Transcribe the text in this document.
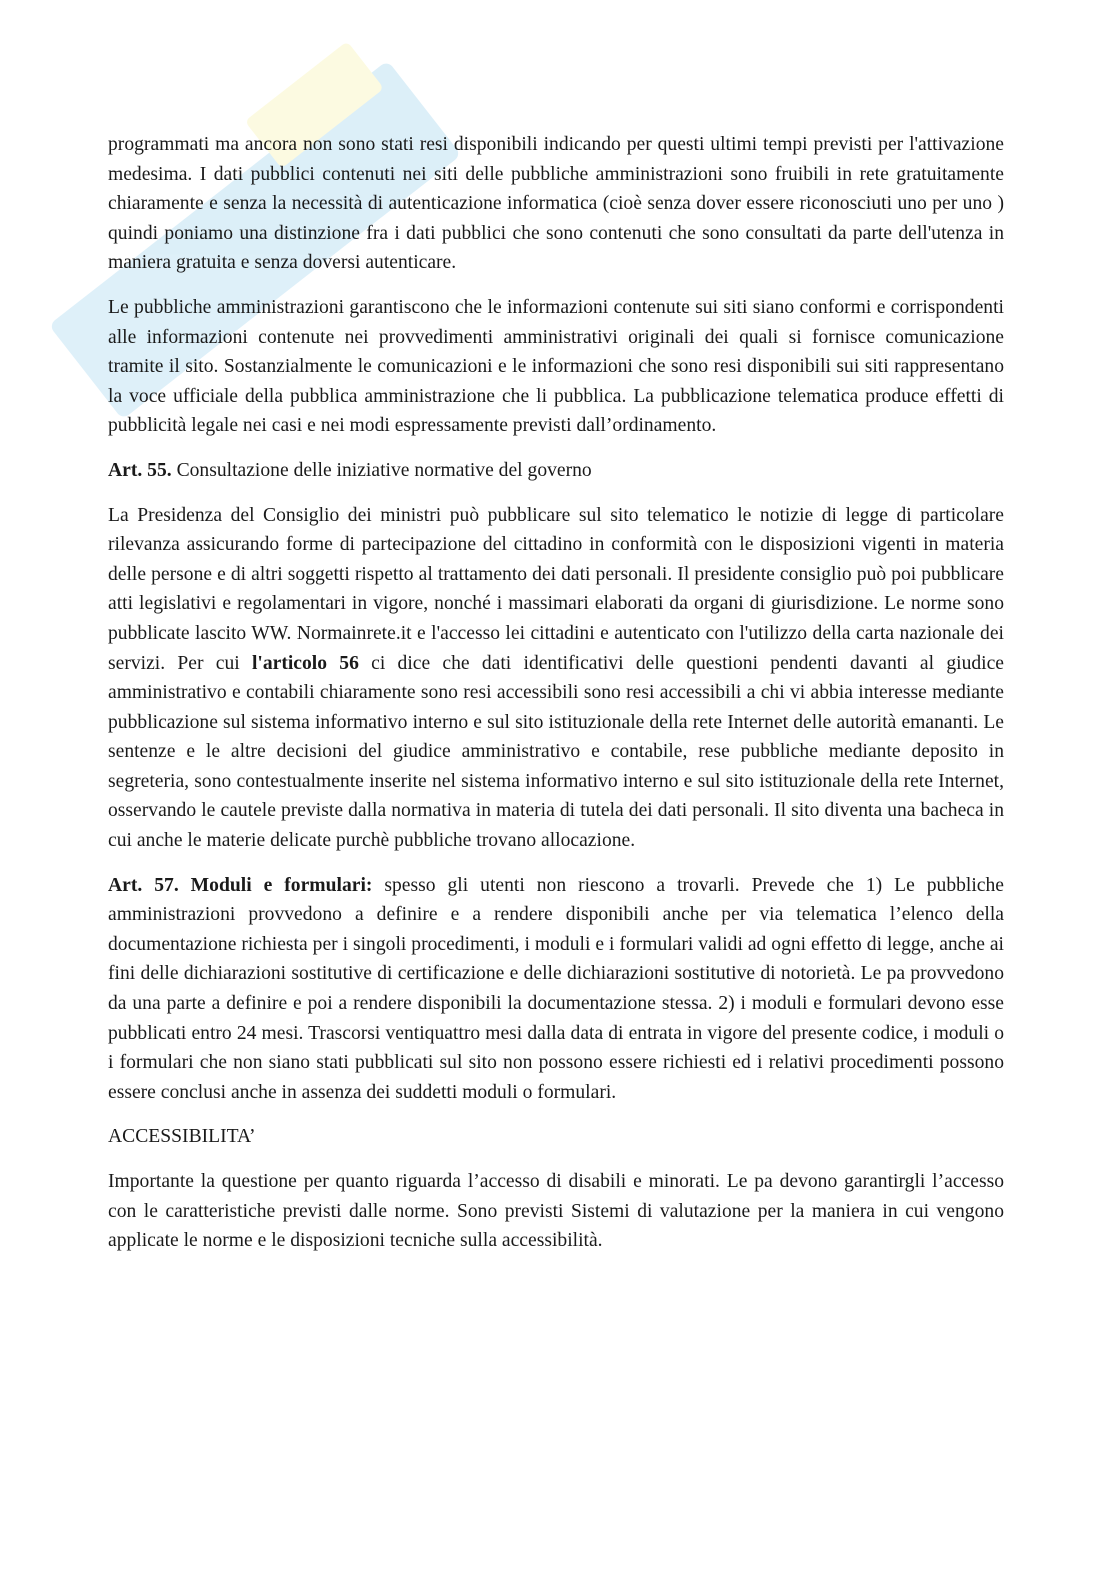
programmati ma ancora non sono stati resi disponibili indicando per questi ultimi tempi previsti per l'attivazione medesima. I dati pubblici contenuti nei siti delle pubbliche amministrazioni sono fruibili in rete gratuitamente chiaramente e senza la necessità di autenticazione informatica (cioè senza dover essere riconosciuti uno per uno ) quindi poniamo una distinzione fra i dati pubblici che sono contenuti che sono consultati da parte dell'utenza in maniera gratuita e senza doversi autenticare.

Le pubbliche amministrazioni garantiscono che le informazioni contenute sui siti siano conformi e corrispondenti alle informazioni contenute nei provvedimenti amministrativi originali dei quali si fornisce comunicazione tramite il sito. Sostanzialmente le comunicazioni e le informazioni che sono resi disponibili sui siti rappresentano la voce ufficiale della pubblica amministrazione che li pubblica. La pubblicazione telematica produce effetti di pubblicità legale nei casi e nei modi espressamente previsti dall’ordinamento.

Art. 55. Consultazione delle iniziative normative del governo

La Presidenza del Consiglio dei ministri può pubblicare sul sito telematico le notizie di legge di particolare rilevanza assicurando forme di partecipazione del cittadino in conformità con le disposizioni vigenti in materia delle persone e di altri soggetti rispetto al trattamento dei dati personali. Il presidente consiglio può poi pubblicare atti legislativi e regolamentari in vigore, nonché i massimari elaborati da organi di giurisdizione. Le norme sono pubblicate lascito WW. Normainrete.it e l'accesso lei cittadini e autenticato con l'utilizzo della carta nazionale dei servizi. Per cui l'articolo 56 ci dice che dati identificativi delle questioni pendenti davanti al giudice amministrativo e contabili chiaramente sono resi accessibili sono resi accessibili a chi vi abbia interesse mediante pubblicazione sul sistema informativo interno e sul sito istituzionale della rete Internet delle autorità emananti. Le sentenze e le altre decisioni del giudice amministrativo e contabile, rese pubbliche mediante deposito in segreteria, sono contestualmente inserite nel sistema informativo interno e sul sito istituzionale della rete Internet, osservando le cautele previste dalla normativa in materia di tutela dei dati personali. Il sito diventa una bacheca in cui anche le materie delicate purchè pubbliche trovano allocazione.

Art. 57. Moduli e formulari: spesso gli utenti non riescono a trovarli. Prevede che 1) Le pubbliche amministrazioni provvedono a definire e a rendere disponibili anche per via telematica l’elenco della documentazione richiesta per i singoli procedimenti, i moduli e i formulari validi ad ogni effetto di legge, anche ai fini delle dichiarazioni sostitutive di certificazione e delle dichiarazioni sostitutive di notorietà. Le pa provvedono da una parte a definire e poi a rendere disponibili la documentazione stessa. 2) i moduli e formulari devono esse pubblicati entro 24 mesi. Trascorsi ventiquattro mesi dalla data di entrata in vigore del presente codice, i moduli o i formulari che non siano stati pubblicati sul sito non possono essere richiesti ed i relativi procedimenti possono essere conclusi anche in assenza dei suddetti moduli o formulari.

ACCESSIBILITA’

Importante la questione per quanto riguarda l’accesso di disabili e minorati. Le pa devono garantirgli l’accesso con le caratteristiche previsti dalle norme. Sono previsti Sistemi di valutazione per la maniera in cui vengono applicate le norme e le disposizioni tecniche sulla accessibilità.
